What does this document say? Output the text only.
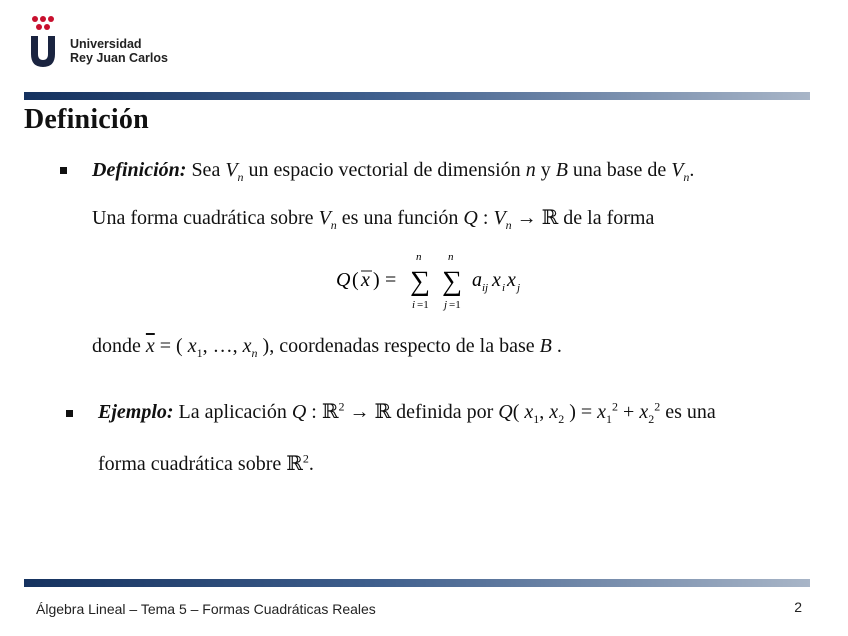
Universidad
Rey Juan Carlos
Definición
Definición: Sea $V_n$ un espacio vectorial de dimensión n y B una base de $V_n$.
Una forma cuadrática sobre $V_n$ es una función Q : $V_n$ → ℝ de la forma
Q ( x ) =
n
∑
i =1
n
∑
j =1
a ij x i x j
donde $\overline{x}$ = ( $x_1$, …, $x_n$ ), coordenadas respecto de la base B .
Ejemplo: La aplicación Q : ℝ$^2$ → ℝ definida por Q( $x_1$, $x_2$ ) = $x_1^2 + x_2^2$ es una
forma cuadrática sobre ℝ$^2$.
Álgebra Lineal – Tema 5 – Formas Cuadráticas Reales	2
